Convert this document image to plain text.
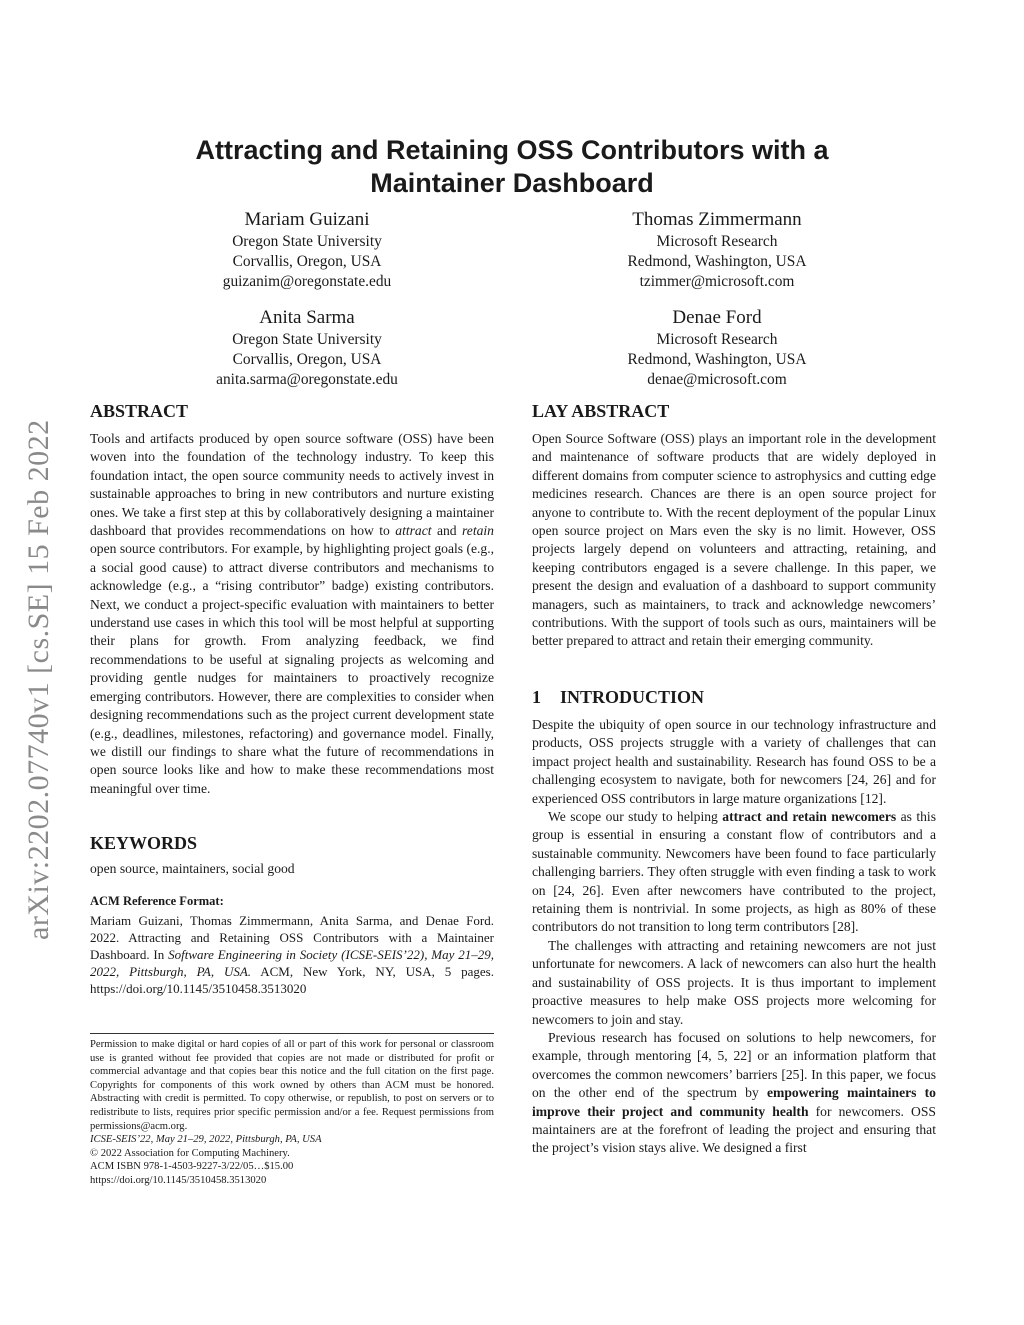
arXiv:2202.07740v1 [cs.SE] 15 Feb 2022
Attracting and Retaining OSS Contributors with a Maintainer Dashboard
Mariam Guizani
Oregon State University
Corvallis, Oregon, USA
guizanim@oregonstate.edu
Thomas Zimmermann
Microsoft Research
Redmond, Washington, USA
tzimmer@microsoft.com
Anita Sarma
Oregon State University
Corvallis, Oregon, USA
anita.sarma@oregonstate.edu
Denae Ford
Microsoft Research
Redmond, Washington, USA
denae@microsoft.com
ABSTRACT

Tools and artifacts produced by open source software (OSS) have been woven into the foundation of the technology industry. To keep this foundation intact, the open source community needs to actively invest in sustainable approaches to bring in new contributors and nurture existing ones. We take a first step at this by collaboratively designing a maintainer dashboard that provides recommendations on how to attract and retain open source contributors. For example, by highlighting project goals (e.g., a social good cause) to attract diverse contributors and mechanisms to acknowledge (e.g., a “rising contributor” badge) existing contributors. Next, we conduct a project-specific evaluation with maintainers to better understand use cases in which this tool will be most helpful at supporting their plans for growth. From analyzing feedback, we find recommendations to be useful at signaling projects as welcoming and providing gentle nudges for maintainers to proactively recognize emerging contributors. However, there are complexities to consider when designing recommendations such as the project current development state (e.g., deadlines, milestones, refactoring) and governance model. Finally, we distill our findings to share what the future of recommendations in open source looks like and how to make these recommendations most meaningful over time.

KEYWORDS

open source, maintainers, social good

ACM Reference Format:

Mariam Guizani, Thomas Zimmermann, Anita Sarma, and Denae Ford. 2022. Attracting and Retaining OSS Contributors with a Maintainer Dashboard. In Software Engineering in Society (ICSE-SEIS’22), May 21–29, 2022, Pittsburgh, PA, USA. ACM, New York, NY, USA, 5 pages. https://doi.org/10.1145/3510458.3513020

Permission to make digital or hard copies of all or part of this work for personal or classroom use is granted without fee provided that copies are not made or distributed for profit or commercial advantage and that copies bear this notice and the full citation on the first page. Copyrights for components of this work owned by others than ACM must be honored. Abstracting with credit is permitted. To copy otherwise, or republish, to post on servers or to redistribute to lists, requires prior specific permission and/or a fee. Request permissions from permissions@acm.org.

ICSE-SEIS’22, May 21–29, 2022, Pittsburgh, PA, USA

© 2022 Association for Computing Machinery.

ACM ISBN 978-1-4503-9227-3/22/05…$15.00

https://doi.org/10.1145/3510458.3513020

LAY ABSTRACT

Open Source Software (OSS) plays an important role in the development and maintenance of software products that are widely deployed in different domains from computer science to astrophysics and cutting edge medicines research. Chances are there is an open source project for anyone to contribute to. With the recent deployment of the popular Linux open source project on Mars even the sky is no limit. However, OSS projects largely depend on volunteers and attracting, retaining, and keeping contributors engaged is a severe challenge. In this paper, we present the design and evaluation of a dashboard to support community managers, such as maintainers, to track and acknowledge newcomers’ contributions. With the support of tools such as ours, maintainers will be better prepared to attract and retain their emerging community.

1 INTRODUCTION

Despite the ubiquity of open source in our technology infrastructure and products, OSS projects struggle with a variety of challenges that can impact project health and sustainability. Research has found OSS to be a challenging ecosystem to navigate, both for newcomers [24, 26] and for experienced OSS contributors in large mature organizations [12].

We scope our study to helping attract and retain newcomers as this group is essential in ensuring a constant flow of contributors and a sustainable community. Newcomers have been found to face particularly challenging barriers. They often struggle with even finding a task to work on [24, 26]. Even after newcomers have contributed to the project, retaining them is nontrivial. In some projects, as high as 80% of these contributors do not transition to long term contributors [28].

The challenges with attracting and retaining newcomers are not just unfortunate for newcomers. A lack of newcomers can also hurt the health and sustainability of OSS projects. It is thus important to implement proactive measures to help make OSS projects more welcoming for newcomers to join and stay.

Previous research has focused on solutions to help newcomers, for example, through mentoring [4, 5, 22] or an information platform that overcomes the common newcomers’ barriers [25]. In this paper, we focus on the other end of the spectrum by empowering maintainers to improve their project and community health for newcomers. OSS maintainers are at the forefront of leading the project and ensuring that the project’s vision stays alive. We designed a first
